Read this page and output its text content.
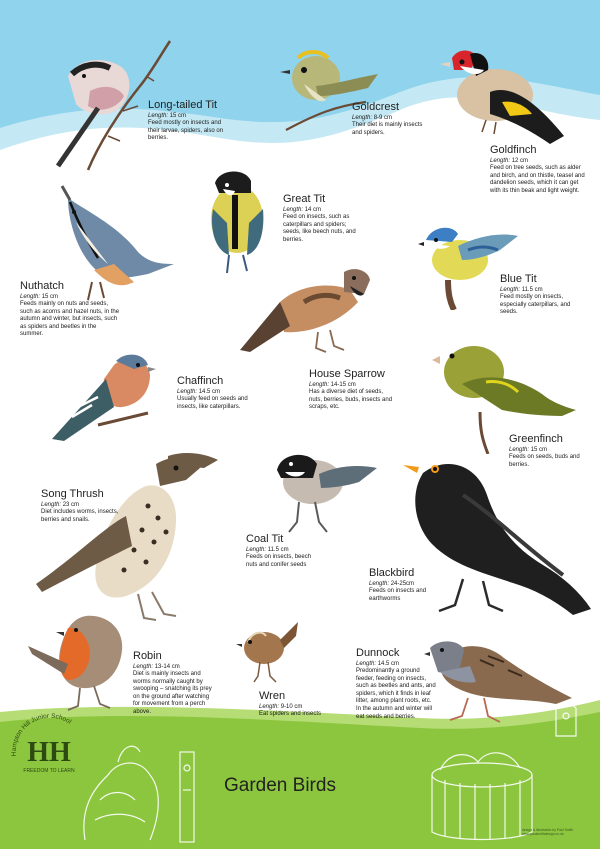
Long-tailed Tit
Length: 15 cm
Feed mostly on insects and their larvae, spiders, also on berries.
Goldcrest
Length: 8-9 cm
Their diet is mainly insects and spiders.
Goldfinch
Length: 12 cm
Feed on tree seeds, such as alder and birch, and on thistle, teasel and dandelion seeds, which it can get with its thin beak and light weight.
Great Tit
Length: 14 cm
Feed on insects, such as caterpillars and spiders; seeds, like beech nuts, and berries.
Nuthatch
Length: 15 cm
Feeds mainly on nuts and seeds, such as acorns and hazel nuts, in the autumn and winter, but insects, such as spiders and beetles in the summer.
Blue Tit
Length: 11.5 cm
Feed mostly on insects, especially caterpillars, and seeds.
Chaffinch
Length: 14.5 cm
Usually feed on seeds and insects, like caterpillars.
House Sparrow
Length: 14-15 cm
Has a diverse diet of seeds, nuts, berries, buds, insects and scraps, etc.
Greenfinch
Length: 15 cm
Feeds on seeds, buds and berries.
Song Thrush
Length: 23 cm
Diet includes worms, insects, berries and snails.
Coal Tit
Length: 11.5 cm
Feeds on insects, beech nuts and conifer seeds
Blackbird
Length: 24-25cm
Feeds on insects and earthworms
Robin
Length: 13-14 cm
Diet is mainly insects and worms normally caught by swooping – snatching its prey on the ground after watching for movement from a perch above.
Wren
Length: 9-10 cm
Eat spiders and insects
Dunnock
Length: 14.5 cm
Predominantly a ground feeder, feeding on insects, such as beetles and ants, and spiders, which it finds in leaf litter, among plant roots, etc. In the autumn and winter will eat seeds and berries.
Hampton Hill Junior School
HH
FREEDOM TO LEARN
Garden Birds
design & illustration by Paul Smith
www.paulsmithdesign.co.uk
